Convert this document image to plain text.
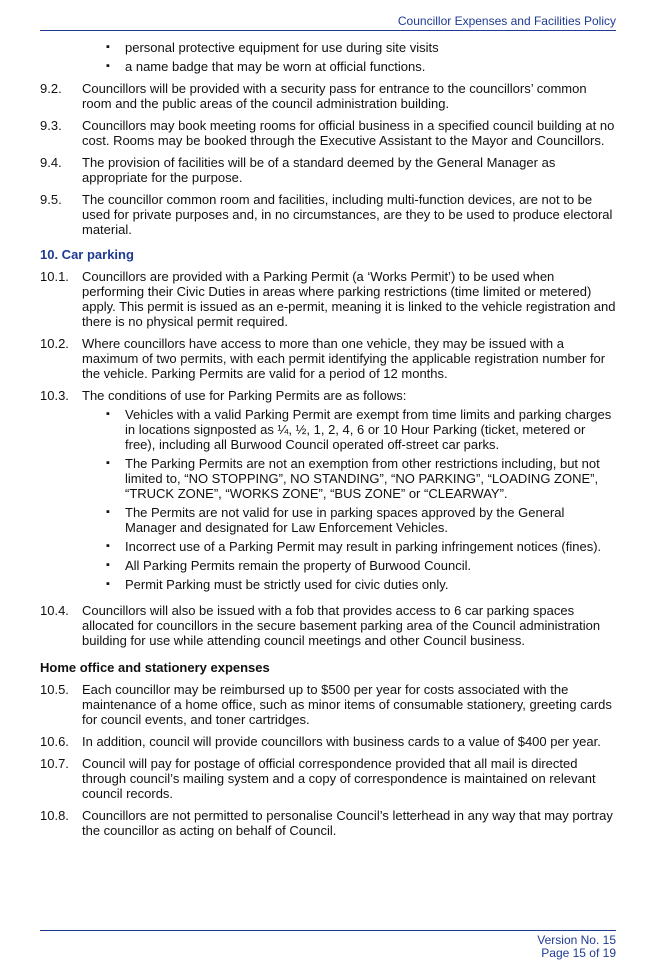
Councillor Expenses and Facilities Policy
▪ personal protective equipment for use during site visits
▪ a name badge that may be worn at official functions.
9.2.	Councillors will be provided with a security pass for entrance to the councillors’ common room and the public areas of the council administration building.
9.3.	Councillors may book meeting rooms for official business in a specified council building at no cost. Rooms may be booked through the Executive Assistant to the Mayor and Councillors.
9.4.	The provision of facilities will be of a standard deemed by the General Manager as appropriate for the purpose.
9.5.	The councillor common room and facilities, including multi-function devices, are not to be used for private purposes and, in no circumstances, are they to be used to produce electoral material.
10. Car parking
10.1.	Councillors are provided with a Parking Permit (a ‘Works Permit’) to be used when performing their Civic Duties in areas where parking restrictions (time limited or metered) apply. This permit is issued as an e-permit, meaning it is linked to the vehicle registration and there is no physical permit required.
10.2.	Where councillors have access to more than one vehicle, they may be issued with a maximum of two permits, with each permit identifying the applicable registration number for the vehicle. Parking Permits are valid for a period of 12 months.
10.3.	The conditions of use for Parking Permits are as follows:
▪ Vehicles with a valid Parking Permit are exempt from time limits and parking charges in locations signposted as ¼, ½, 1, 2, 4, 6 or 10 Hour Parking (ticket, metered or free), including all Burwood Council operated off-street car parks.
▪ The Parking Permits are not an exemption from other restrictions including, but not limited to, “NO STOPPING”, NO STANDING”, “NO PARKING”, “LOADING ZONE”, “TRUCK ZONE”, “WORKS ZONE”, “BUS ZONE” or “CLEARWAY”.
▪ The Permits are not valid for use in parking spaces approved by the General Manager and designated for Law Enforcement Vehicles.
▪ Incorrect use of a Parking Permit may result in parking infringement notices (fines).
▪ All Parking Permits remain the property of Burwood Council.
▪ Permit Parking must be strictly used for civic duties only.
10.4.	Councillors will also be issued with a fob that provides access to 6 car parking spaces allocated for councillors in the secure basement parking area of the Council administration building for use while attending council meetings and other Council business.
Home office and stationery expenses
10.5.	Each councillor may be reimbursed up to $500 per year for costs associated with the maintenance of a home office, such as minor items of consumable stationery, greeting cards for council events, and toner cartridges.
10.6.	In addition, council will provide councillors with business cards to a value of $400 per year.
10.7.	Council will pay for postage of official correspondence provided that all mail is directed through council’s mailing system and a copy of correspondence is maintained on relevant council records.
10.8.	Councillors are not permitted to personalise Council’s letterhead in any way that may portray the councillor as acting on behalf of Council.
Version No. 15
Page 15 of 19
